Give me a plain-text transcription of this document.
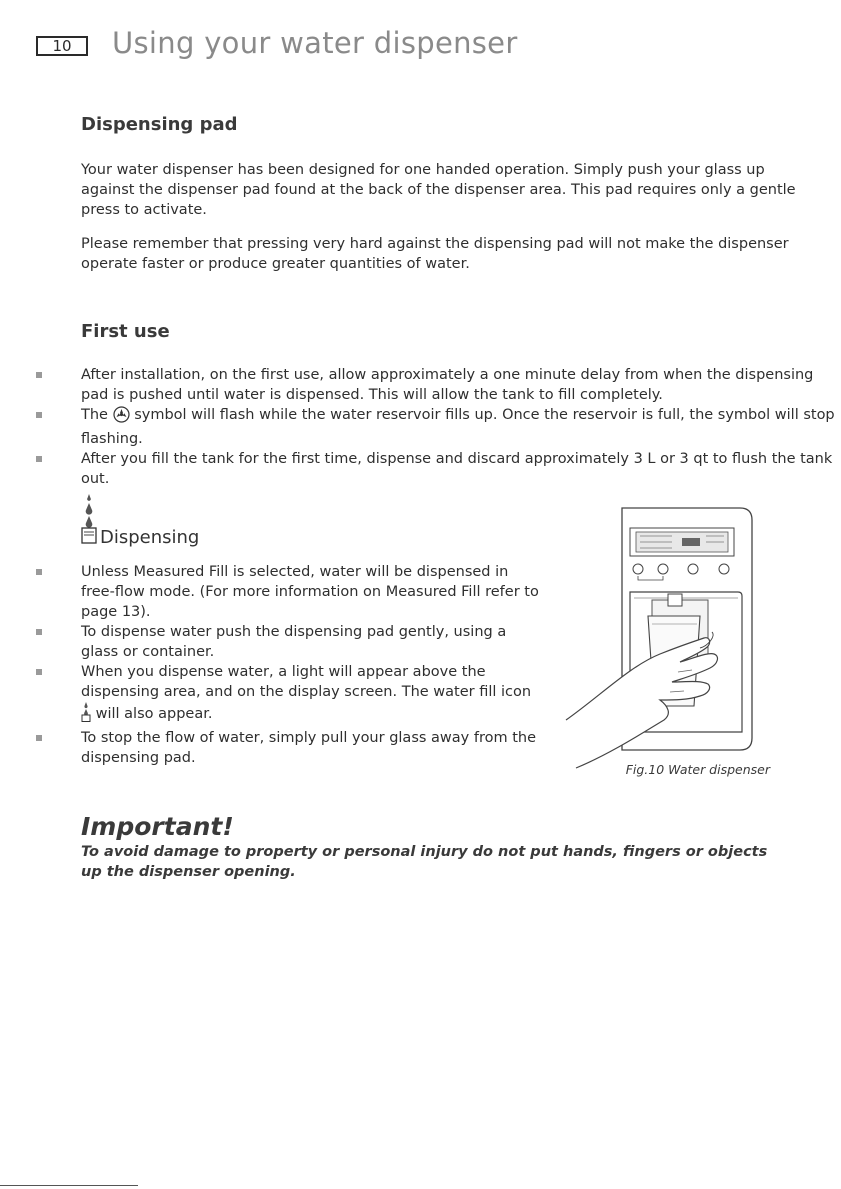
10	Using your water dispenser
Dispensing pad

Your water dispenser has been designed for one handed operation. Simply push your glass up against the dispenser pad found at the back of the dispenser area. This pad requires only a gentle press to activate.

Please remember that pressing very hard against the dispensing pad will not make the dispenser operate faster or produce greater quantities of water.

First use
After installation, on the first use, allow approximately a one minute delay from when the dispensing pad is pushed until water is dispensed. This will allow the tank to fill completely.
The symbol will flash while the water reservoir fills up. Once the reservoir is full, the symbol will stop flashing.
After you fill the tank for the first time, dispense and discard approximately 3 L or 3 qt to flush the tank out.
Dispensing
Unless Measured Fill is selected, water will be dispensed in free-flow mode. (For more information on Measured Fill refer to page 13).
To dispense water push the dispensing pad gently, using a glass or container.
When you dispense water, a light will appear above the dispensing area, and on the display screen. The water fill icon  will also appear.
To stop the flow of water, simply pull your glass away from the dispensing pad.
Fig.10 Water dispenser
Important!

To avoid damage to property or personal injury do not put hands, fingers or objects up the dispenser opening.
